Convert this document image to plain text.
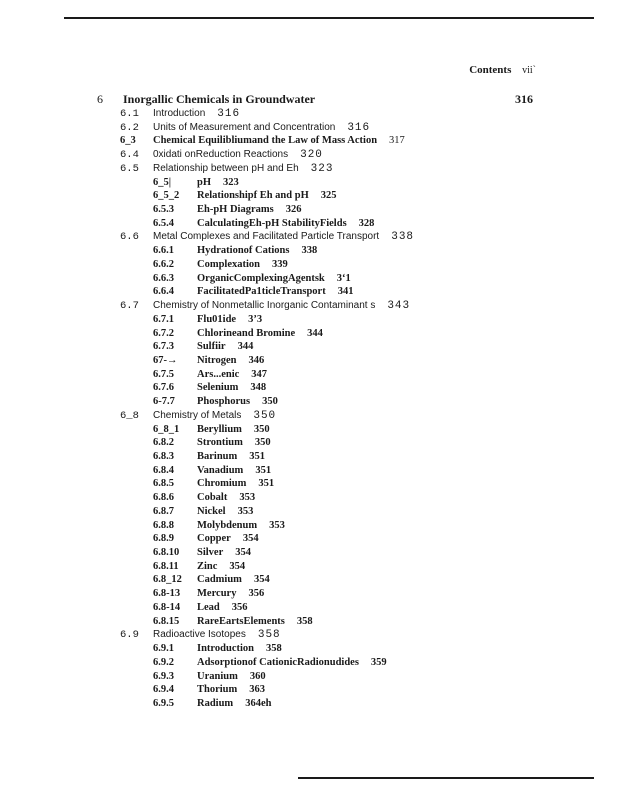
Contents vii`
6 Inorgallic Chemicals in Groundwater	316
6.1 Introduction 316
6.2 Units of Measurement and Concentration 316
6_3 Chemical Equilibliumand the Law of Mass Action 317
6.4 0xidati onReduction Reactions 320
6.5 Relationship between pH and Eh 323
6_5| pH 323
6_5_2 Relationshipf Eh and pH 325
6.5.3 Eh-pH Diagrams 326
6.5.4 CalculatingEh-pH StabilityFields 328
6.6 Metal Complexes and Facilitated Particle Transport 338
6.6.1 Hydrationof Cations 338
6.6.2 Complexation 339
6.6.3 OrganicComplexingAgentsk 3‘1
6.6.4 FacilitatedPa1ticleTransport 341
6.7 Chemistry of Nonmetallic Inorganic Contaminant s 343
6.7.1 Flu01ide 3’3
6.7.2 Chlorineand Bromine 344
6.7.3 Sulfiir 344
67-→ Nitrogen 346
6.7.5 Ars...enic 347
6.7.6 Selenium 348
6-7.7 Phosphorus 350
6_8 Chemistry of Metals 350
6_8_1 Beryllium 350
6.8.2 Strontium 350
6.8.3 Barinum 351
6.8.4 Vanadium 351
6.8.5 Chromium 351
6.8.6 Cobalt 353
6.8.7 Nickel 353
6.8.8 Molybdenum 353
6.8.9 Copper 354
6.8.10 Silver 354
6.8.11 Zinc 354
6.8_12 Cadmium 354
6.8-13 Mercury 356
6.8-14 Lead 356
6.8.15 RareEartsElements 358
6.9 Radioactive Isotopes 358
6.9.1 Introduction 358
6.9.2 Adsorptionof CationicRadionudides 359
6.9.3 Uranium 360
6.9.4 Thorium 363
6.9.5 Radium 364eh
